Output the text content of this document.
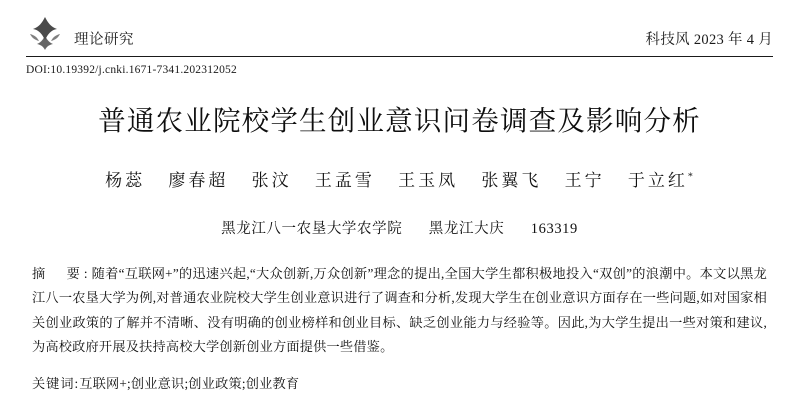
理论研究	科技风 2023 年 4 月
DOI:10.19392/j.cnki.1671-7341.202312052
普通农业院校学生创业意识问卷调查及影响分析
杨蕊 廖春超 张汶 王孟雪 王玉凤 张翼飞 王宁 于立红*
黑龙江八一农垦大学农学院 黑龙江大庆 163319

摘　要:随着“互联网+”的迅速兴起,“大众创新,万众创新”理念的提出,全国大学生都积极地投入“双创”的浪潮中。本文以黑龙江八一农垦大学为例,对普通农业院校大学生创业意识进行了调查和分析,发现大学生在创业意识方面存在一些问题,如对国家相关创业政策的了解并不清晰、没有明确的创业榜样和创业目标、缺乏创业能力与经验等。因此,为大学生提出一些对策和建议,为高校政府开展及扶持高校大学创新创业方面提供一些借鉴。

关键词:互联网+;创业意识;创业政策;创业教育
